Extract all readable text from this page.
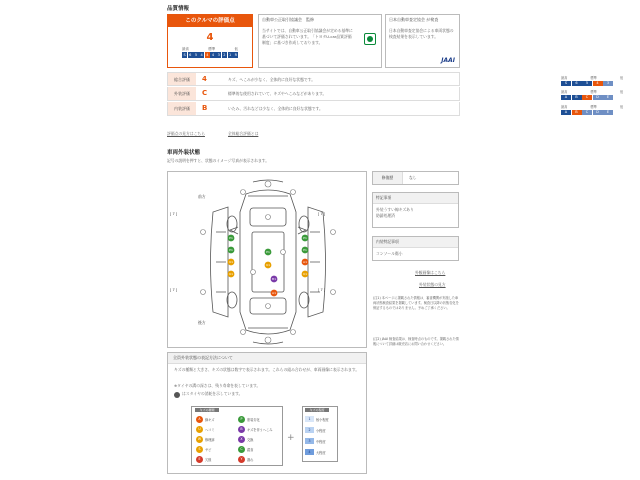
品質情報
このクルマの評価点
4
最高	標準	低
S 6 5 4 4 4 3 2 1 R
自動車公正取引協議会　監修
当サイトでは、自動車公正取引協議会が定める基準に基づいて評価されています。「トヨタU-car品質評価制度」に基づき作成しております。
日本自動車査定協会 が検査
日本自動車査定協会による車両状態の検査結果を表示しています。
JAAI
総合評価	4	キズ、へこみが少なく、全体的に良好な状態です。	最高	標準	低
S	6	5	4	3
外装評価	C	標準的な使用されていて、キズやへこみなどがあります。	最高	標準	低
A	B	C	D	E
内装評価	B	いたみ、汚れなどは少なく、全体的に良好な状態です。	最高	標準	低
A	B	C	D	E
評価点の見方はこちら	全体総合評価とは
車両外装状態
記号の説明を押すと、状態のイメージ写真が表示されます。
P1
P1
U1
U1
P1
U1
B1
A1
P1
P1
A1
U1
前方
後方
[ 7 ]
[ 7 ]
[ 7 ]
[ 7 ]
修復歴	なし
特記事項
外装うすい線キズあり
防錆処理済
内装特記事項
コンソール傷小
外観画像はこちら
外装状態の見方
(注1) 本ページに掲載された情報は、審査機関が実施した車両状態検査結果を掲載しています。検査日以降の状態変化を保証するものではありません。予めご了承ください。
(注2) JAAI 検査結果は、検査時点のものです。掲載された情報について詳細は販売店にお問い合わせください。
全員外装状態の表記方法について
キズの種類と大きさ、キズの状態は数字で表示されます。これらの組み合わせが、車両画像に表示されます。
※タイヤの溝の深さは、残り寿命を表しています。
はスタイヤの消耗を示しています。
キズの種類
A	線キズ
U	ヘコミ
W	修理跡
S	サビ
E	欠損
P	塗装劣化
B	キズを伴うへこみ
X	交換
C	腐食
Y	割れ
+
キズの程度
1	極小程度
2	小程度
3	中程度
4	大程度
